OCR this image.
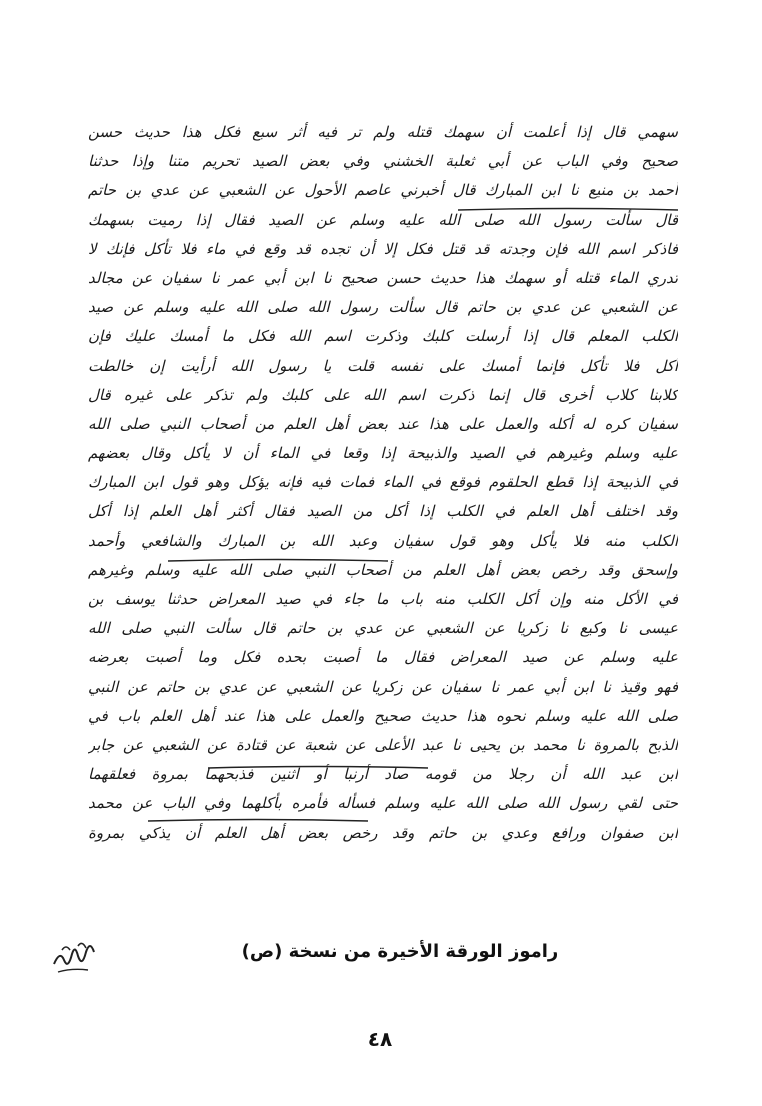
سهمي قال إذا أعلمت أن سهمك قتله ولم تر فيه أثر سبع فكل هذا حديث حسن
صحيح وفي الباب عن أبي ثعلبة الخشني وفي بعض الصيد تحريم متنا وإذا حدثنا
أحمد بن منيع نا ابن المبارك قال أخبرني عاصم الأحول عن الشعبي عن عدي بن حاتم
قال سألت رسول الله صلى الله عليه وسلم عن الصيد فقال إذا رميت بسهمك
فاذكر اسم الله فإن وجدته قد قتل فكل إلا أن تجده قد وقع في ماء فلا تأكل فإنك لا
تدري الماء قتله أو سهمك هذا حديث حسن صحيح نا ابن أبي عمر نا سفيان عن مجالد
عن الشعبي عن عدي بن حاتم قال سألت رسول الله صلى الله عليه وسلم عن صيد
الكلب المعلم قال إذا أرسلت كلبك وذكرت اسم الله فكل ما أمسك عليك فإن
أكل فلا تأكل فإنما أمسك على نفسه قلت يا رسول الله أرأيت إن خالطت
كلابنا كلاب أخرى قال إنما ذكرت اسم الله على كلبك ولم تذكر على غيره قال
سفيان كره له أكله والعمل على هذا عند بعض أهل العلم من أصحاب النبي صلى الله
عليه وسلم وغيرهم في الصيد والذبيحة إذا وقعا في الماء أن لا يأكل وقال بعضهم
في الذبيحة إذا قطع الحلقوم فوقع في الماء فمات فيه فإنه يؤكل وهو قول ابن المبارك
وقد اختلف أهل العلم في الكلب إذا أكل من الصيد فقال أكثر أهل العلم إذا أكل
الكلب منه فلا يأكل وهو قول سفيان وعبد الله بن المبارك والشافعي وأحمد
وإسحق وقد رخص بعض أهل العلم من أصحاب النبي صلى الله عليه وسلم وغيرهم
في الأكل منه وإن أكل الكلب منه باب ما جاء في صيد المعراض حدثنا يوسف بن
عيسى نا وكيع نا زكريا عن الشعبي عن عدي بن حاتم قال سألت النبي صلى الله
عليه وسلم عن صيد المعراض فقال ما أصبت بحده فكل وما أصبت بعرضه
فهو وقيذ نا ابن أبي عمر نا سفيان عن زكريا عن الشعبي عن عدي بن حاتم عن النبي
صلى الله عليه وسلم نحوه هذا حديث صحيح والعمل على هذا عند أهل العلم باب في
الذبح بالمروة نا محمد بن يحيى نا عبد الأعلى عن شعبة عن قتادة عن الشعبي عن جابر
ابن عبد الله أن رجلا من قومه صاد أرنبا أو اثنين فذبحهما بمروة فعلقهما
حتى لقي رسول الله صلى الله عليه وسلم فسأله فأمره بأكلهما وفي الباب عن محمد
ابن صفوان ورافع وعدي بن حاتم وقد رخص بعض أهل العلم أن يذكي بمروة
راموز الورقة الأخيرة من نسخة (ص)
٤٨
